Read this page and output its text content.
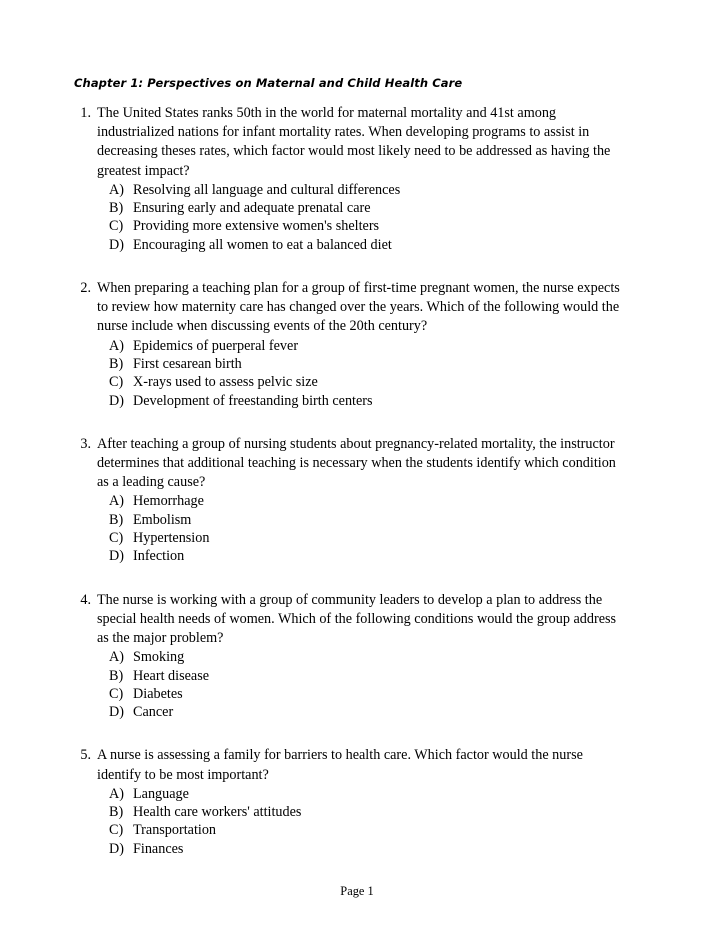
Chapter 1: Perspectives on Maternal and Child Health Care
1. The United States ranks 50th in the world for maternal mortality and 41st among industrialized nations for infant mortality rates. When developing programs to assist in decreasing theses rates, which factor would most likely need to be addressed as having the greatest impact?
A) Resolving all language and cultural differences
B) Ensuring early and adequate prenatal care
C) Providing more extensive women's shelters
D) Encouraging all women to eat a balanced diet
2. When preparing a teaching plan for a group of first-time pregnant women, the nurse expects to review how maternity care has changed over the years. Which of the following would the nurse include when discussing events of the 20th century?
A) Epidemics of puerperal fever
B) First cesarean birth
C) X-rays used to assess pelvic size
D) Development of freestanding birth centers
3. After teaching a group of nursing students about pregnancy-related mortality, the instructor determines that additional teaching is necessary when the students identify which condition as a leading cause?
A) Hemorrhage
B) Embolism
C) Hypertension
D) Infection
4. The nurse is working with a group of community leaders to develop a plan to address the special health needs of women. Which of the following conditions would the group address as the major problem?
A) Smoking
B) Heart disease
C) Diabetes
D) Cancer
5. A nurse is assessing a family for barriers to health care. Which factor would the nurse identify to be most important?
A) Language
B) Health care workers' attitudes
C) Transportation
D) Finances
Page 1
